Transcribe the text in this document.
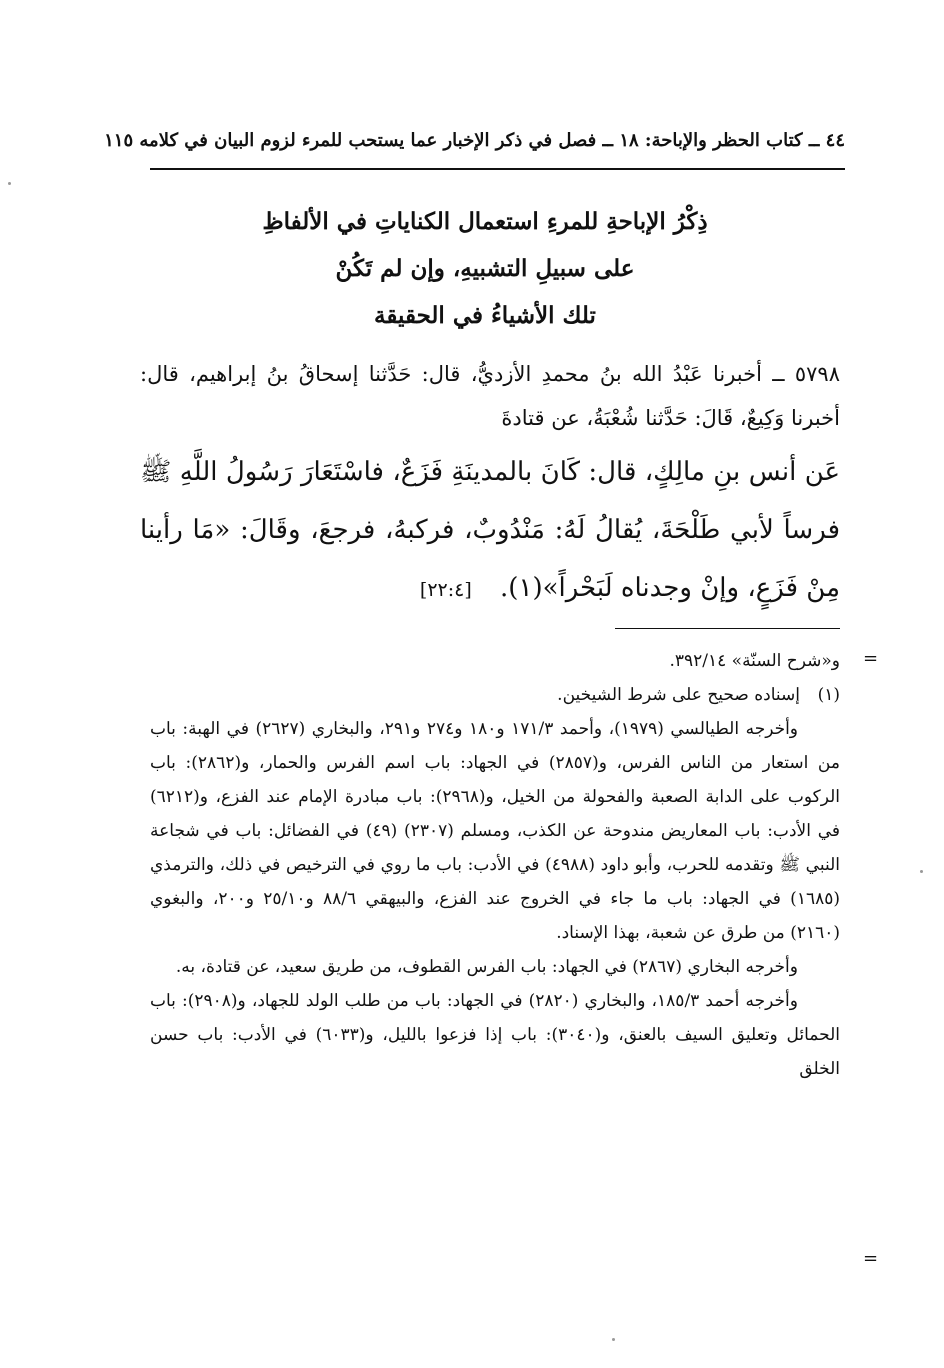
٤٤ ــ كتاب الحظر والإباحة: ١٨ ــ فصل في ذكر الإخبار عما يستحب للمرء لزوم البيان في كلامه ١١٥
ذِكْرُ الإباحةِ للمرءِ استعمال الكناياتِ في الألفاظِ
على سبيلِ التشبيهِ، وإن لم تَكُنْ
تلك الأشياءُ في الحقيقة
٥٧٩٨ ــ أخبرنا عَبْدُ الله بنُ محمدِ الأزديُّ، قال: حَدَّثنا إسحاقُ بنُ إبراهيم، قال: أخبرنا وَكِيعٌ، قَالَ: حَدَّثنا شُعْبَةُ، عن قتادةَ
عَن أنس بنِ مالِكٍ، قال: كَانَ بالمدينَةِ فَزَعٌ، فاسْتَعَارَ رَسُولُ اللَّهِ ﷺ فرساً لأبي طَلْحَةَ، يُقالُ لَهُ: مَنْدُوبٌ، فركبهُ، فرجعَ، وقَالَ: «مَا رأينا مِنْ فَزَعٍ، وإنْ وجدناه لَبَحْراً»(١). [٢٢:٤]
=
=

و«شرح السنّة» ٣٩٢/١٤.

(١)إسناده صحيح على شرط الشيخين.

وأخرجه الطيالسي (١٩٧٩)، وأحمد ١٧١/٣ و١٨٠ و٢٧٤ و٢٩١، والبخاري (٢٦٢٧) في الهبة: باب من استعار من الناس الفرس، و(٢٨٥٧) في الجهاد: باب اسم الفرس والحمار، و(٢٨٦٢): باب الركوب على الدابة الصعبة والفحولة من الخيل، و(٢٩٦٨): باب مبادرة الإمام عند الفزع، و(٦٢١٢) في الأدب: باب المعاريض مندوحة عن الكذب، ومسلم (٢٣٠٧) (٤٩) في الفضائل: باب في شجاعة النبي ﷺ وتقدمه للحرب، وأبو داود (٤٩٨٨) في الأدب: باب ما روي في الترخيص في ذلك، والترمذي (١٦٨٥) في الجهاد: باب ما جاء في الخروج عند الفزع، والبيهقي ٨٨/٦ و٢٥/١٠ و٢٠٠، والبغوي (٢١٦٠) من طرق عن شعبة، بهذا الإسناد.

وأخرجه البخاري (٢٨٦٧) في الجهاد: باب الفرس القطوف، من طريق سعيد، عن قتادة، به.

وأخرجه أحمد ١٨٥/٣، والبخاري (٢٨٢٠) في الجهاد: باب من طلب الولد للجهاد، و(٢٩٠٨): باب الحمائل وتعليق السيف بالعنق، و(٣٠٤٠): باب إذا فزعوا بالليل، و(٦٠٣٣) في الأدب: باب حسن الخلق
